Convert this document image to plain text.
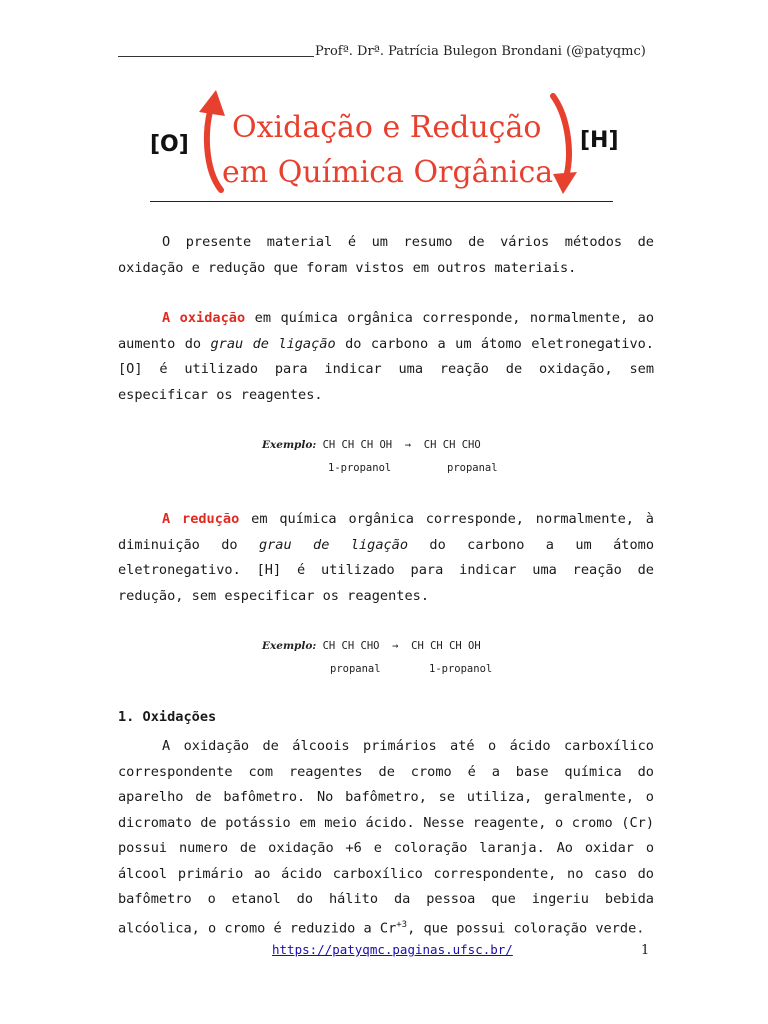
Profª. Drª. Patrícia Bulegon Brondani (@patyqmc)
[O]	[H]
Oxidação e Redução
em Química Orgânica
O presente material é um resumo de vários métodos de oxidação e redução que foram vistos em outros materiais.
A oxidação em química orgânica corresponde, normalmente, ao aumento do grau de ligação do carbono a um átomo eletronegativo. [O] é utilizado para indicar uma reação de oxidação, sem especificar os reagentes.
Exemplo: CH CH CH OH → CH CH CHO
1-propanol	propanal
A redução em química orgânica corresponde, normalmente, à diminuição do grau de ligação do carbono a um átomo eletronegativo. [H] é utilizado para indicar uma reação de redução, sem especificar os reagentes.
Exemplo: CH CH CHO → CH CH CH OH
propanal	1-propanol
1. Oxidações
A oxidação de álcoois primários até o ácido carboxílico correspondente com reagentes de cromo é a base química do aparelho de bafômetro. No bafômetro, se utiliza, geralmente, o dicromato de potássio em meio ácido. Nesse reagente, o cromo (Cr) possui numero de oxidação +6 e coloração laranja. Ao oxidar o álcool primário ao ácido carboxílico correspondente, no caso do bafômetro o etanol do hálito da pessoa que ingeriu bebida alcóolica, o cromo é reduzido a $Cr^{+3}$, que possui coloração verde.
https://patyqmc.paginas.ufsc.br/	1
